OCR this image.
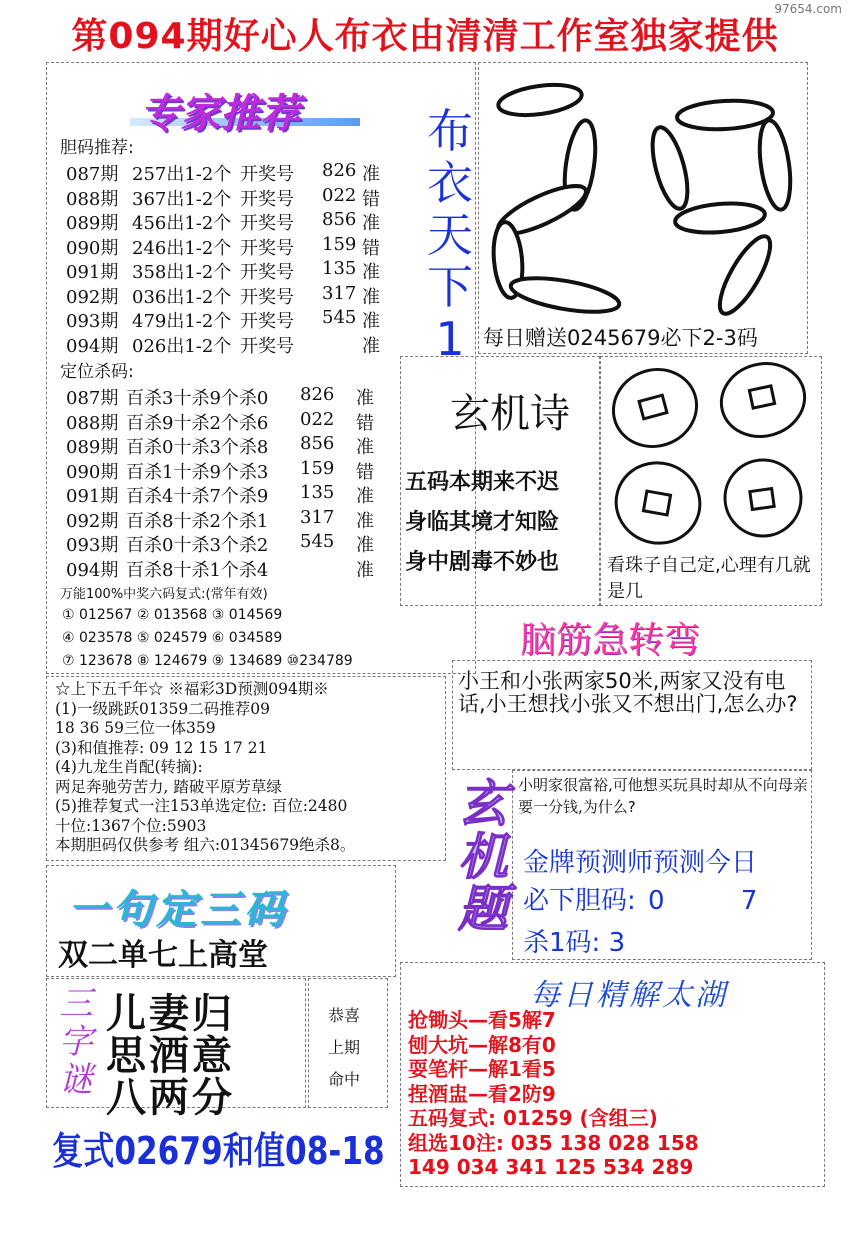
97654.com
第094期好心人布衣由清清工作室独家提供
专家推荐
胆码推荐:
087期 257出1-2个 开奖号	826 准
088期 367出1-2个 开奖号	022 错
089期 456出1-2个 开奖号	856 准
090期 246出1-2个 开奖号	159 错
091期 358出1-2个 开奖号	135 准
092期 036出1-2个 开奖号	317 准
093期 479出1-2个 开奖号	545 准
094期 026出1-2个 开奖号	准
定位杀码:
087期 百杀3十杀9个杀0	826	准
088期 百杀9十杀2个杀6	022	错
089期 百杀0十杀3个杀8	856	准
090期 百杀1十杀9个杀3	159	错
091期 百杀4十杀7个杀9	135	准
092期 百杀8十杀2个杀1	317	准
093期 百杀0十杀3个杀2	545	准
094期 百杀8十杀1个杀4	准
万能100%中奖六码复式:(常年有效)
① 012567 ② 013568 ③ 014569
④ 023578 ⑤ 024579 ⑥ 034589
⑦ 123678 ⑧ 124679 ⑨ 134689 ⑩234789
布
衣
天
下
1 每日赠送0245679必下2-3码
玄机诗
五码本期来不迟
身临其境才知险
身中剧毒不妙也	看珠子自己定,心理有几就是几
脑筋急转弯
小王和小张两家50米,两家又没有电话,小王想找小张又不想出门,怎么办?
小明家很富裕,可他想买玩具时却从不向母亲要一分钱,为什么?
玄
机
题
金牌预测师预测今日
必下胆码: 0	7
杀1码: 3
☆上下五千年☆ ※福彩3D预测094期※
(1)一级跳跃01359二码推荐09
18 36 59三位一体359
(3)和值推荐: 09 12 15 17 21
(4)九龙生肖配(转摘):
两足奔驰劳苦力, 踏破平原芳草绿
(5)推荐复式一注153单选定位: 百位:2480
十位:1367个位:5903
本期胆码仅供参考 组六:01345679绝杀8。
一句定三码
双二单七上高堂
三
字
谜
儿妻归
思酒意
八两分
恭喜
上期
命中
复式02679和值08-18
每日精解太湖
抢锄头—看5解7
刨大坑—解8有0
耍笔杆—解1看5
捏酒盅—看2防9
五码复式: 01259 (含组三)
组选10注: 035 138 028 158
149 034 341 125 534 289
